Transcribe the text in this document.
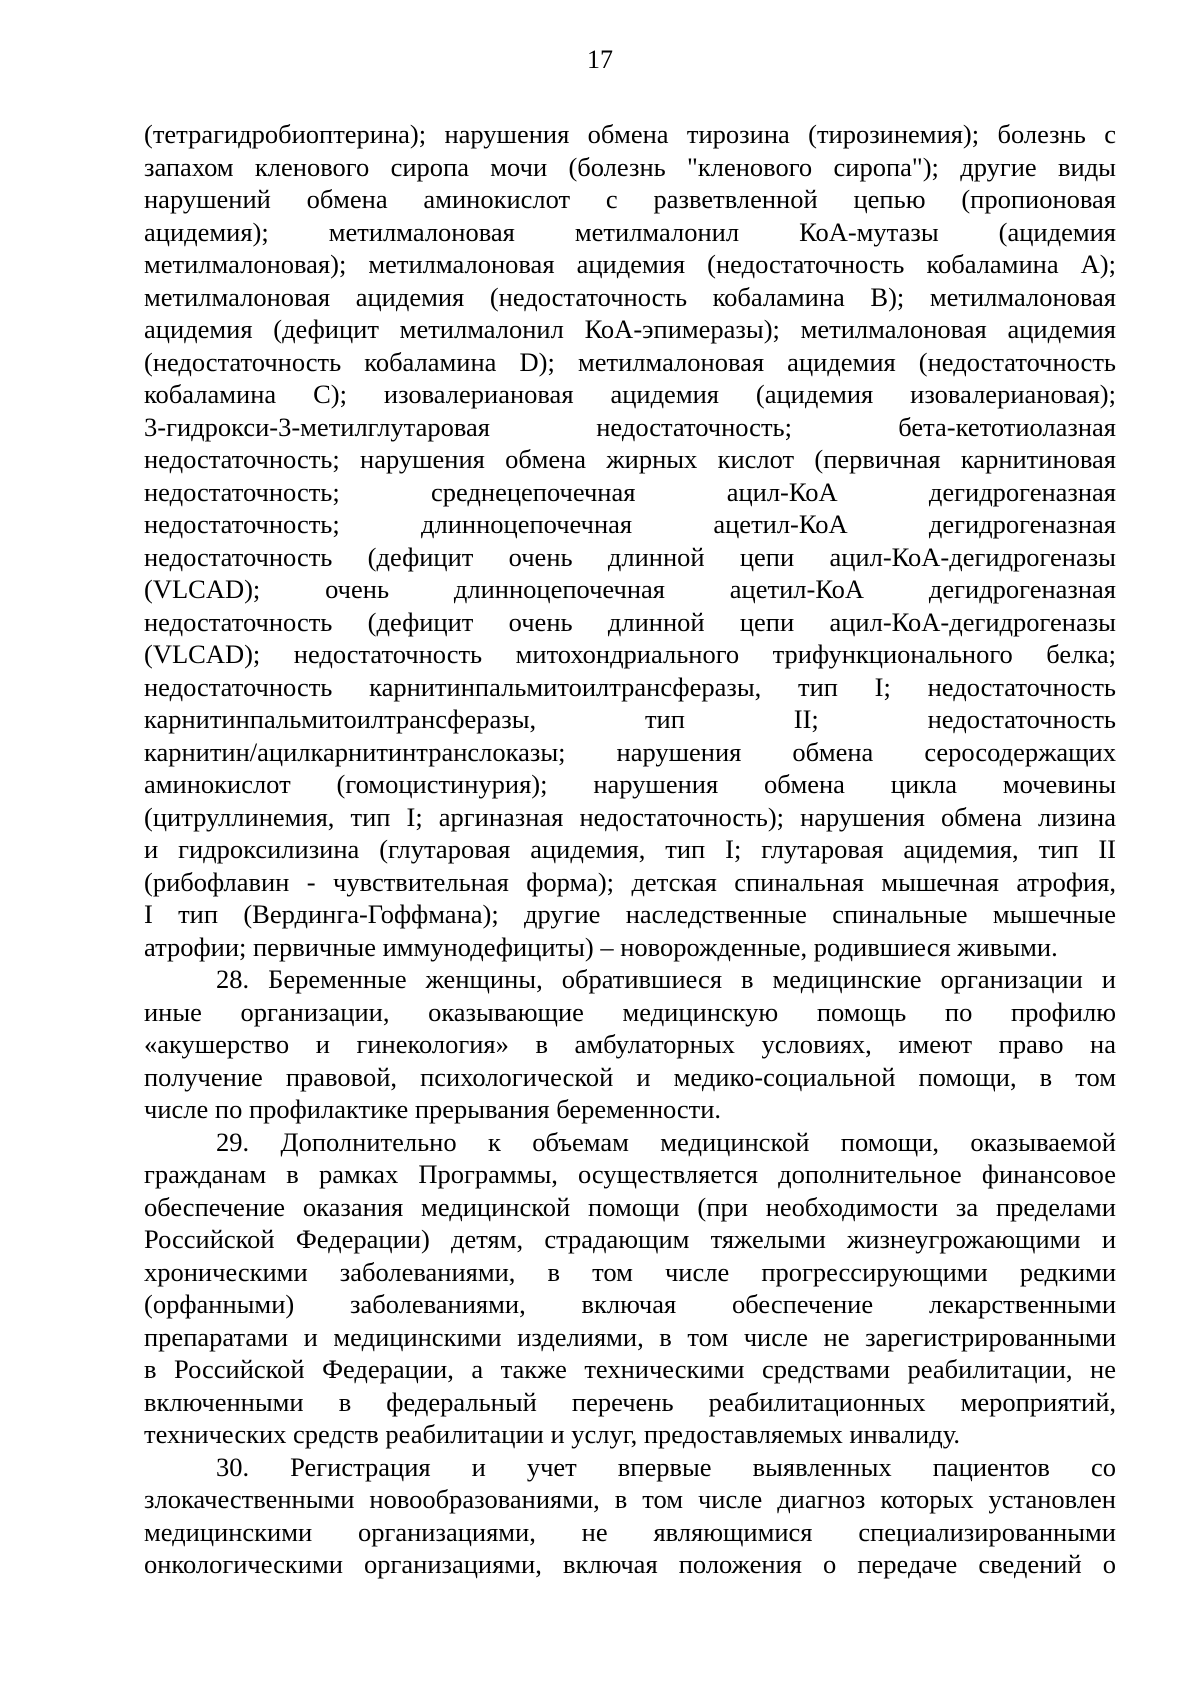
17
(тетрагидробиоптерина); нарушения обмена тирозина (тирозинемия); болезнь с
запахом кленового сиропа мочи (болезнь "кленового сиропа"); другие виды
нарушений обмена аминокислот с разветвленной цепью (пропионовая
ацидемия); метилмалоновая метилмалонил КоА-мутазы (ацидемия
метилмалоновая); метилмалоновая ацидемия (недостаточность кобаламина A);
метилмалоновая ацидемия (недостаточность кобаламина B); метилмалоновая
ацидемия (дефицит метилмалонил КоА-эпимеразы); метилмалоновая ацидемия
(недостаточность кобаламина D); метилмалоновая ацидемия (недостаточность
кобаламина C); изовалериановая ацидемия (ацидемия изовалериановая);
3-гидрокси-3-метилглутаровая недостаточность; бета-кетотиолазная
недостаточность; нарушения обмена жирных кислот (первичная карнитиновая
недостаточность; среднецепочечная ацил-КоА дегидрогеназная
недостаточность; длинноцепочечная ацетил-КоА дегидрогеназная
недостаточность (дефицит очень длинной цепи ацил-КоА-дегидрогеназы
(VLCAD); очень длинноцепочечная ацетил-КоА дегидрогеназная
недостаточность (дефицит очень длинной цепи ацил-КоА-дегидрогеназы
(VLCAD); недостаточность митохондриального трифункционального белка;
недостаточность карнитинпальмитоилтрансферазы, тип I; недостаточность
карнитинпальмитоилтрансферазы, тип II; недостаточность
карнитин/ацилкарнитинтранслоказы; нарушения обмена серосодержащих
аминокислот (гомоцистинурия); нарушения обмена цикла мочевины
(цитруллинемия, тип I; аргиназная недостаточность); нарушения обмена лизина
и гидроксилизина (глутаровая ацидемия, тип I; глутаровая ацидемия, тип II
(рибофлавин - чувствительная форма); детская спинальная мышечная атрофия,
I тип (Вердинга-Гоффмана); другие наследственные спинальные мышечные
атрофии; первичные иммунодефициты) – новорожденные, родившиеся живыми.
28. Беременные женщины, обратившиеся в медицинские организации и
иные организации, оказывающие медицинскую помощь по профилю
«акушерство и гинекология» в амбулаторных условиях, имеют право на
получение правовой, психологической и медико-социальной помощи, в том
числе по профилактике прерывания беременности.
29. Дополнительно к объемам медицинской помощи, оказываемой
гражданам в рамках Программы, осуществляется дополнительное финансовое
обеспечение оказания медицинской помощи (при необходимости за пределами
Российской Федерации) детям, страдающим тяжелыми жизнеугрожающими и
хроническими заболеваниями, в том числе прогрессирующими редкими
(орфанными) заболеваниями, включая обеспечение лекарственными
препаратами и медицинскими изделиями, в том числе не зарегистрированными
в Российской Федерации, а также техническими средствами реабилитации, не
включенными в федеральный перечень реабилитационных мероприятий,
технических средств реабилитации и услуг, предоставляемых инвалиду.
30. Регистрация и учет впервые выявленных пациентов со
злокачественными новообразованиями, в том числе диагноз которых установлен
медицинскими организациями, не являющимися специализированными
онкологическими организациями, включая положения о передаче сведений о
